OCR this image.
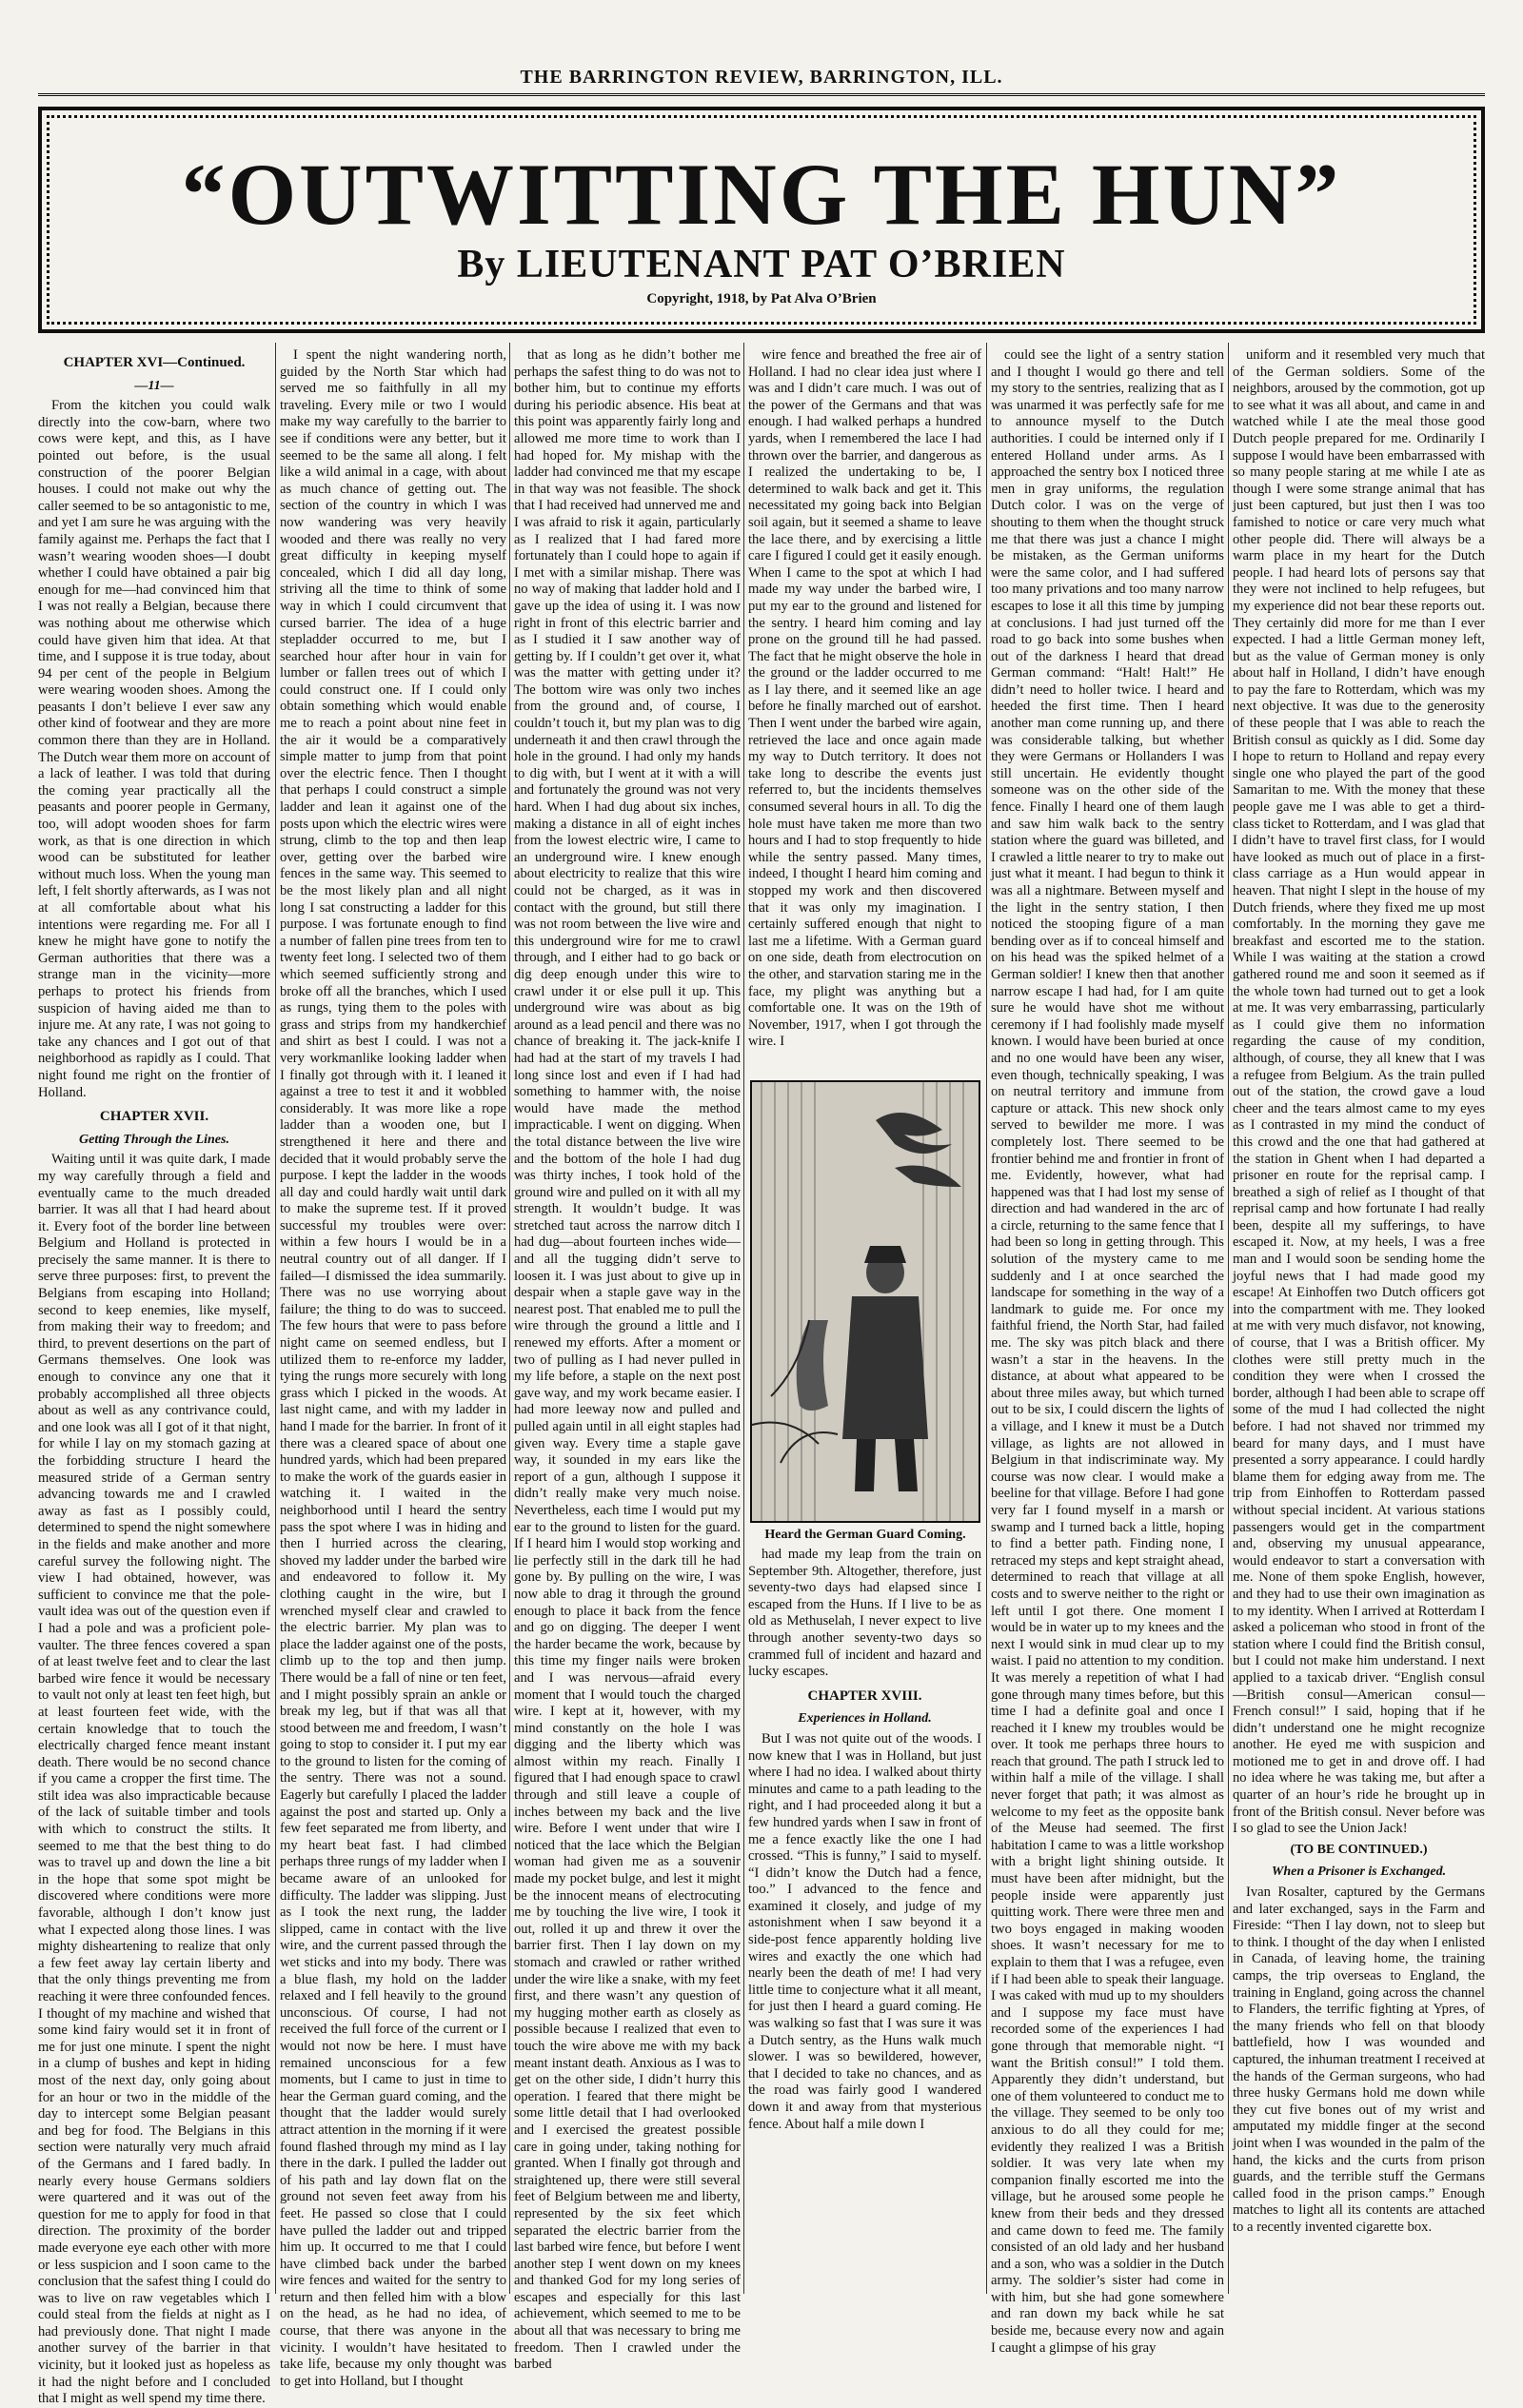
THE BARRINGTON REVIEW, BARRINGTON, ILL.
“OUTWITTING THE HUN”
By LIEUTENANT PAT O’BRIEN
Copyright, 1918, by Pat Alva O’Brien
CHAPTER XVI—Continued.
—11—

From the kitchen you could walk directly into the cow-barn, where two cows were kept, and this, as I have pointed out before, is the usual construction of the poorer Belgian houses. I could not make out why the caller seemed to be so antagonistic to me, and yet I am sure he was arguing with the family against me. Perhaps the fact that I wasn’t wearing wooden shoes—I doubt whether I could have obtained a pair big enough for me—had convinced him that I was not really a Belgian, because there was nothing about me otherwise which could have given him that idea. At that time, and I suppose it is true today, about 94 per cent of the people in Belgium were wearing wooden shoes. Among the peasants I don’t believe I ever saw any other kind of footwear and they are more common there than they are in Holland. The Dutch wear them more on account of a lack of leather. I was told that during the coming year practically all the peasants and poorer people in Germany, too, will adopt wooden shoes for farm work, as that is one direction in which wood can be substituted for leather without much loss. When the young man left, I felt shortly afterwards, as I was not at all comfortable about what his intentions were regarding me. For all I knew he might have gone to notify the German authorities that there was a strange man in the vicinity—more perhaps to protect his friends from suspicion of having aided me than to injure me. At any rate, I was not going to take any chances and I got out of that neighborhood as rapidly as I could. That night found me right on the frontier of Holland.

CHAPTER XVII.
Getting Through the Lines.

Waiting until it was quite dark, I made my way carefully through a field and eventually came to the much dreaded barrier. It was all that I had heard about it. Every foot of the border line between Belgium and Holland is protected in precisely the same manner. It is there to serve three purposes: first, to prevent the Belgians from escaping into Holland; second to keep enemies, like myself, from making their way to freedom; and third, to prevent desertions on the part of Germans themselves. One look was enough to convince any one that it probably accomplished all three objects about as well as any contrivance could, and one look was all I got of it that night, for while I lay on my stomach gazing at the forbidding structure I heard the measured stride of a German sentry advancing towards me and I crawled away as fast as I possibly could, determined to spend the night somewhere in the fields and make another and more careful survey the following night. The view I had obtained, however, was sufficient to convince me that the pole-vault idea was out of the question even if I had a pole and was a proficient pole-vaulter. The three fences covered a span of at least twelve feet and to clear the last barbed wire fence it would be necessary to vault not only at least ten feet high, but at least fourteen feet wide, with the certain knowledge that to touch the electrically charged fence meant instant death. There would be no second chance if you came a cropper the first time. The stilt idea was also impracticable because of the lack of suitable timber and tools with which to construct the stilts. It seemed to me that the best thing to do was to travel up and down the line a bit in the hope that some spot might be discovered where conditions were more favorable, although I don’t know just what I expected along those lines. I was mighty disheartening to realize that only a few feet away lay certain liberty and that the only things preventing me from reaching it were three confounded fences. I thought of my machine and wished that some kind fairy would set it in front of me for just one minute. I spent the night in a clump of bushes and kept in hiding most of the next day, only going about for an hour or two in the middle of the day to intercept some Belgian peasant and beg for food. The Belgians in this section were naturally very much afraid of the Germans and I fared badly. In nearly every house Germans soldiers were quartered and it was out of the question for me to apply for food in that direction. The proximity of the border made everyone eye each other with more or less suspicion and I soon came to the conclusion that the safest thing I could do was to live on raw vegetables which I could steal from the fields at night as I had previously done. That night I made another survey of the barrier in that vicinity, but it looked just as hopeless as it had the night before and I concluded that I might as well spend my time there.

I spent the night wandering north, guided by the North Star which had served me so faithfully in all my traveling. Every mile or two I would make my way carefully to the barrier to see if conditions were any better, but it seemed to be the same all along. I felt like a wild animal in a cage, with about as much chance of getting out. The section of the country in which I was now wandering was very heavily wooded and there was really no very great difficulty in keeping myself concealed, which I did all day long, striving all the time to think of some way in which I could circumvent that cursed barrier. The idea of a huge stepladder occurred to me, but I searched hour after hour in vain for lumber or fallen trees out of which I could construct one. If I could only obtain something which would enable me to reach a point about nine feet in the air it would be a comparatively simple matter to jump from that point over the electric fence. Then I thought that perhaps I could construct a simple ladder and lean it against one of the posts upon which the electric wires were strung, climb to the top and then leap over, getting over the barbed wire fences in the same way. This seemed to be the most likely plan and all night long I sat constructing a ladder for this purpose. I was fortunate enough to find a number of fallen pine trees from ten to twenty feet long. I selected two of them which seemed sufficiently strong and broke off all the branches, which I used as rungs, tying them to the poles with grass and strips from my handkerchief and shirt as best I could. I was not a very workmanlike looking ladder when I finally got through with it. I leaned it against a tree to test it and it wobbled considerably. It was more like a rope ladder than a wooden one, but I strengthened it here and there and decided that it would probably serve the purpose. I kept the ladder in the woods all day and could hardly wait until dark to make the supreme test. If it proved successful my troubles were over: within a few hours I would be in a neutral country out of all danger. If I failed—I dismissed the idea summarily. There was no use worrying about failure; the thing to do was to succeed. The few hours that were to pass before night came on seemed endless, but I utilized them to re-enforce my ladder, tying the rungs more securely with long grass which I picked in the woods. At last night came, and with my ladder in hand I made for the barrier. In front of it there was a cleared space of about one hundred yards, which had been prepared to make the work of the guards easier in watching it. I waited in the neighborhood until I heard the sentry pass the spot where I was in hiding and then I hurried across the clearing, shoved my ladder under the barbed wire and endeavored to follow it. My clothing caught in the wire, but I wrenched myself clear and crawled to the electric barrier. My plan was to place the ladder against one of the posts, climb up to the top and then jump. There would be a fall of nine or ten feet, and I might possibly sprain an ankle or break my leg, but if that was all that stood between me and freedom, I wasn’t going to stop to consider it. I put my ear to the ground to listen for the coming of the sentry. There was not a sound. Eagerly but carefully I placed the ladder against the post and started up. Only a few feet separated me from liberty, and my heart beat fast. I had climbed perhaps three rungs of my ladder when I became aware of an unlooked for difficulty. The ladder was slipping. Just as I took the next rung, the ladder slipped, came in contact with the live wire, and the current passed through the wet sticks and into my body. There was a blue flash, my hold on the ladder relaxed and I fell heavily to the ground unconscious. Of course, I had not received the full force of the current or I would not now be here. I must have remained unconscious for a few moments, but I came to just in time to hear the German guard coming, and the thought that the ladder would surely attract attention in the morning if it were found flashed through my mind as I lay there in the dark. I pulled the ladder out of his path and lay down flat on the ground not seven feet away from his feet. He passed so close that I could have pulled the ladder out and tripped him up. It occurred to me that I could have climbed back under the barbed wire fences and waited for the sentry to return and then felled him with a blow on the head, as he had no idea, of course, that there was anyone in the vicinity. I wouldn’t have hesitated to take life, because my only thought was to get into Holland, but I thought

that as long as he didn’t bother me perhaps the safest thing to do was not to bother him, but to continue my efforts during his periodic absence. His beat at this point was apparently fairly long and allowed me more time to work than I had hoped for. My mishap with the ladder had convinced me that my escape in that way was not feasible. The shock that I had received had unnerved me and I was afraid to risk it again, particularly as I realized that I had fared more fortunately than I could hope to again if I met with a similar mishap. There was no way of making that ladder hold and I gave up the idea of using it. I was now right in front of this electric barrier and as I studied it I saw another way of getting by. If I couldn’t get over it, what was the matter with getting under it? The bottom wire was only two inches from the ground and, of course, I couldn’t touch it, but my plan was to dig underneath it and then crawl through the hole in the ground. I had only my hands to dig with, but I went at it with a will and fortunately the ground was not very hard. When I had dug about six inches, making a distance in all of eight inches from the lowest electric wire, I came to an underground wire. I knew enough about electricity to realize that this wire could not be charged, as it was in contact with the ground, but still there was not room between the live wire and this underground wire for me to crawl through, and I either had to go back or dig deep enough under this wire to crawl under it or else pull it up. This underground wire was about as big around as a lead pencil and there was no chance of breaking it. The jack-knife I had had at the start of my travels I had long since lost and even if I had had something to hammer with, the noise would have made the method impracticable. I went on digging. When the total distance between the live wire and the bottom of the hole I had dug was thirty inches, I took hold of the ground wire and pulled on it with all my strength. It wouldn’t budge. It was stretched taut across the narrow ditch I had dug—about fourteen inches wide—and all the tugging didn’t serve to loosen it. I was just about to give up in despair when a staple gave way in the nearest post. That enabled me to pull the wire through the ground a little and I renewed my efforts. After a moment or two of pulling as I had never pulled in my life before, a staple on the next post gave way, and my work became easier. I had more leeway now and pulled and pulled again until in all eight staples had given way. Every time a staple gave way, it sounded in my ears like the report of a gun, although I suppose it didn’t really make very much noise. Nevertheless, each time I would put my ear to the ground to listen for the guard. If I heard him I would stop working and lie perfectly still in the dark till he had gone by. By pulling on the wire, I was now able to drag it through the ground enough to place it back from the fence and go on digging. The deeper I went the harder became the work, because by this time my finger nails were broken and I was nervous—afraid every moment that I would touch the charged wire. I kept at it, however, with my mind constantly on the hole I was digging and the liberty which was almost within my reach. Finally I figured that I had enough space to crawl through and still leave a couple of inches between my back and the live wire. Before I went under that wire I noticed that the lace which the Belgian woman had given me as a souvenir made my pocket bulge, and lest it might be the innocent means of electrocuting me by touching the live wire, I took it out, rolled it up and threw it over the barrier first. Then I lay down on my stomach and crawled or rather writhed under the wire like a snake, with my feet first, and there wasn’t any question of my hugging mother earth as closely as possible because I realized that even to touch the wire above me with my back meant instant death. Anxious as I was to get on the other side, I didn’t hurry this operation. I feared that there might be some little detail that I had overlooked and I exercised the greatest possible care in going under, taking nothing for granted. When I finally got through and straightened up, there were still several feet of Belgium between me and liberty, represented by the six feet which separated the electric barrier from the last barbed wire fence, but before I went another step I went down on my knees and thanked God for my long series of escapes and especially for this last achievement, which seemed to me to be about all that was necessary to bring me freedom. Then I crawled under the barbed

wire fence and breathed the free air of Holland. I had no clear idea just where I was and I didn’t care much. I was out of the power of the Germans and that was enough. I had walked perhaps a hundred yards, when I remembered the lace I had thrown over the barrier, and dangerous as I realized the undertaking to be, I determined to walk back and get it. This necessitated my going back into Belgian soil again, but it seemed a shame to leave the lace there, and by exercising a little care I figured I could get it easily enough. When I came to the spot at which I had made my way under the barbed wire, I put my ear to the ground and listened for the sentry. I heard him coming and lay prone on the ground till he had passed. The fact that he might observe the hole in the ground or the ladder occurred to me as I lay there, and it seemed like an age before he finally marched out of earshot. Then I went under the barbed wire again, retrieved the lace and once again made my way to Dutch territory. It does not take long to describe the events just referred to, but the incidents themselves consumed several hours in all. To dig the hole must have taken me more than two hours and I had to stop frequently to hide while the sentry passed. Many times, indeed, I thought I heard him coming and stopped my work and then discovered that it was only my imagination. I certainly suffered enough that night to last me a lifetime. With a German guard on one side, death from electrocution on the other, and starvation staring me in the face, my plight was anything but a comfortable one. It was on the 19th of November, 1917, when I got through the wire. I

Heard the German Guard Coming.

had made my leap from the train on September 9th. Altogether, therefore, just seventy-two days had elapsed since I escaped from the Huns. If I live to be as old as Methuselah, I never expect to live through another seventy-two days so crammed full of incident and hazard and lucky escapes.

CHAPTER XVIII.
Experiences in Holland.

But I was not quite out of the woods. I now knew that I was in Holland, but just where I had no idea. I walked about thirty minutes and came to a path leading to the right, and I had proceeded along it but a few hundred yards when I saw in front of me a fence exactly like the one I had crossed. “This is funny,” I said to myself. “I didn’t know the Dutch had a fence, too.” I advanced to the fence and examined it closely, and judge of my astonishment when I saw beyond it a side-post fence apparently holding live wires and exactly the one which had nearly been the death of me! I had very little time to conjecture what it all meant, for just then I heard a guard coming. He was walking so fast that I was sure it was a Dutch sentry, as the Huns walk much slower. I was so bewildered, however, that I decided to take no chances, and as the road was fairly good I wandered down it and away from that mysterious fence. About half a mile down I

could see the light of a sentry station and I thought I would go there and tell my story to the sentries, realizing that as I was unarmed it was perfectly safe for me to announce myself to the Dutch authorities. I could be interned only if I entered Holland under arms. As I approached the sentry box I noticed three men in gray uniforms, the regulation Dutch color. I was on the verge of shouting to them when the thought struck me that there was just a chance I might be mistaken, as the German uniforms were the same color, and I had suffered too many privations and too many narrow escapes to lose it all this time by jumping at conclusions. I had just turned off the road to go back into some bushes when out of the darkness I heard that dread German command: “Halt! Halt!” He didn’t need to holler twice. I heard and heeded the first time. Then I heard another man come running up, and there was considerable talking, but whether they were Germans or Hollanders I was still uncertain. He evidently thought someone was on the other side of the fence. Finally I heard one of them laugh and saw him walk back to the sentry station where the guard was billeted, and I crawled a little nearer to try to make out just what it meant. I had begun to think it was all a nightmare. Between myself and the light in the sentry station, I then noticed the stooping figure of a man bending over as if to conceal himself and on his head was the spiked helmet of a German soldier! I knew then that another narrow escape I had had, for I am quite sure he would have shot me without ceremony if I had foolishly made myself known. I would have been buried at once and no one would have been any wiser, even though, technically speaking, I was on neutral territory and immune from capture or attack. This new shock only served to bewilder me more. I was completely lost. There seemed to be frontier behind me and frontier in front of me. Evidently, however, what had happened was that I had lost my sense of direction and had wandered in the arc of a circle, returning to the same fence that I had been so long in getting through. This solution of the mystery came to me suddenly and I at once searched the landscape for something in the way of a landmark to guide me. For once my faithful friend, the North Star, had failed me. The sky was pitch black and there wasn’t a star in the heavens. In the distance, at about what appeared to be about three miles away, but which turned out to be six, I could discern the lights of a village, and I knew it must be a Dutch village, as lights are not allowed in Belgium in that indiscriminate way. My course was now clear. I would make a beeline for that village. Before I had gone very far I found myself in a marsh or swamp and I turned back a little, hoping to find a better path. Finding none, I retraced my steps and kept straight ahead, determined to reach that village at all costs and to swerve neither to the right or left until I got there. One moment I would be in water up to my knees and the next I would sink in mud clear up to my waist. I paid no attention to my condition. It was merely a repetition of what I had gone through many times before, but this time I had a definite goal and once I reached it I knew my troubles would be over. It took me perhaps three hours to reach that ground. The path I struck led to within half a mile of the village. I shall never forget that path; it was almost as welcome to my feet as the opposite bank of the Meuse had seemed. The first habitation I came to was a little workshop with a bright light shining outside. It must have been after midnight, but the people inside were apparently just quitting work. There were three men and two boys engaged in making wooden shoes. It wasn’t necessary for me to explain to them that I was a refugee, even if I had been able to speak their language. I was caked with mud up to my shoulders and I suppose my face must have recorded some of the experiences I had gone through that memorable night. “I want the British consul!” I told them. Apparently they didn’t understand, but one of them volunteered to conduct me to the village. They seemed to be only too anxious to do all they could for me; evidently they realized I was a British soldier. It was very late when my companion finally escorted me into the village, but he aroused some people he knew from their beds and they dressed and came down to feed me. The family consisted of an old lady and her husband and a son, who was a soldier in the Dutch army. The soldier’s sister had come in with him, but she had gone somewhere and ran down my back while he sat beside me, because every now and again I caught a glimpse of his gray

uniform and it resembled very much that of the German soldiers. Some of the neighbors, aroused by the commotion, got up to see what it was all about, and came in and watched while I ate the meal those good Dutch people prepared for me. Ordinarily I suppose I would have been embarrassed with so many people staring at me while I ate as though I were some strange animal that has just been captured, but just then I was too famished to notice or care very much what other people did. There will always be a warm place in my heart for the Dutch people. I had heard lots of persons say that they were not inclined to help refugees, but my experience did not bear these reports out. They certainly did more for me than I ever expected. I had a little German money left, but as the value of German money is only about half in Holland, I didn’t have enough to pay the fare to Rotterdam, which was my next objective. It was due to the generosity of these people that I was able to reach the British consul as quickly as I did. Some day I hope to return to Holland and repay every single one who played the part of the good Samaritan to me. With the money that these people gave me I was able to get a third-class ticket to Rotterdam, and I was glad that I didn’t have to travel first class, for I would have looked as much out of place in a first-class carriage as a Hun would appear in heaven. That night I slept in the house of my Dutch friends, where they fixed me up most comfortably. In the morning they gave me breakfast and escorted me to the station. While I was waiting at the station a crowd gathered round me and soon it seemed as if the whole town had turned out to get a look at me. It was very embarrassing, particularly as I could give them no information regarding the cause of my condition, although, of course, they all knew that I was a refugee from Belgium. As the train pulled out of the station, the crowd gave a loud cheer and the tears almost came to my eyes as I contrasted in my mind the conduct of this crowd and the one that had gathered at the station in Ghent when I had departed a prisoner en route for the reprisal camp. I breathed a sigh of relief as I thought of that reprisal camp and how fortunate I had really been, despite all my sufferings, to have escaped it. Now, at my heels, I was a free man and I would soon be sending home the joyful news that I had made good my escape! At Einhoffen two Dutch officers got into the compartment with me. They looked at me with very much disfavor, not knowing, of course, that I was a British officer. My clothes were still pretty much in the condition they were when I crossed the border, although I had been able to scrape off some of the mud I had collected the night before. I had not shaved nor trimmed my beard for many days, and I must have presented a sorry appearance. I could hardly blame them for edging away from me. The trip from Einhoffen to Rotterdam passed without special incident. At various stations passengers would get in the compartment and, observing my unusual appearance, would endeavor to start a conversation with me. None of them spoke English, however, and they had to use their own imagination as to my identity. When I arrived at Rotterdam I asked a policeman who stood in front of the station where I could find the British consul, but I could not make him understand. I next applied to a taxicab driver. “English consul—British consul—American consul—French consul!” I said, hoping that if he didn’t understand one he might recognize another. He eyed me with suspicion and motioned me to get in and drove off. I had no idea where he was taking me, but after a quarter of an hour’s ride he brought up in front of the British consul. Never before was I so glad to see the Union Jack!

(TO BE CONTINUED.)
When a Prisoner is Exchanged.

Ivan Rosalter, captured by the Germans and later exchanged, says in the Farm and Fireside: “Then I lay down, not to sleep but to think. I thought of the day when I enlisted in Canada, of leaving home, the training camps, the trip overseas to England, the training in England, going across the channel to Flanders, the terrific fighting at Ypres, of the many friends who fell on that bloody battlefield, how I was wounded and captured, the inhuman treatment I received at the hands of the German surgeons, who had three husky Germans hold me down while they cut five bones out of my wrist and amputated my middle finger at the second joint when I was wounded in the palm of the hand, the kicks and the curts from prison guards, and the terrible stuff the Germans called food in the prison camps.” Enough matches to light all its contents are attached to a recently invented cigarette box.
